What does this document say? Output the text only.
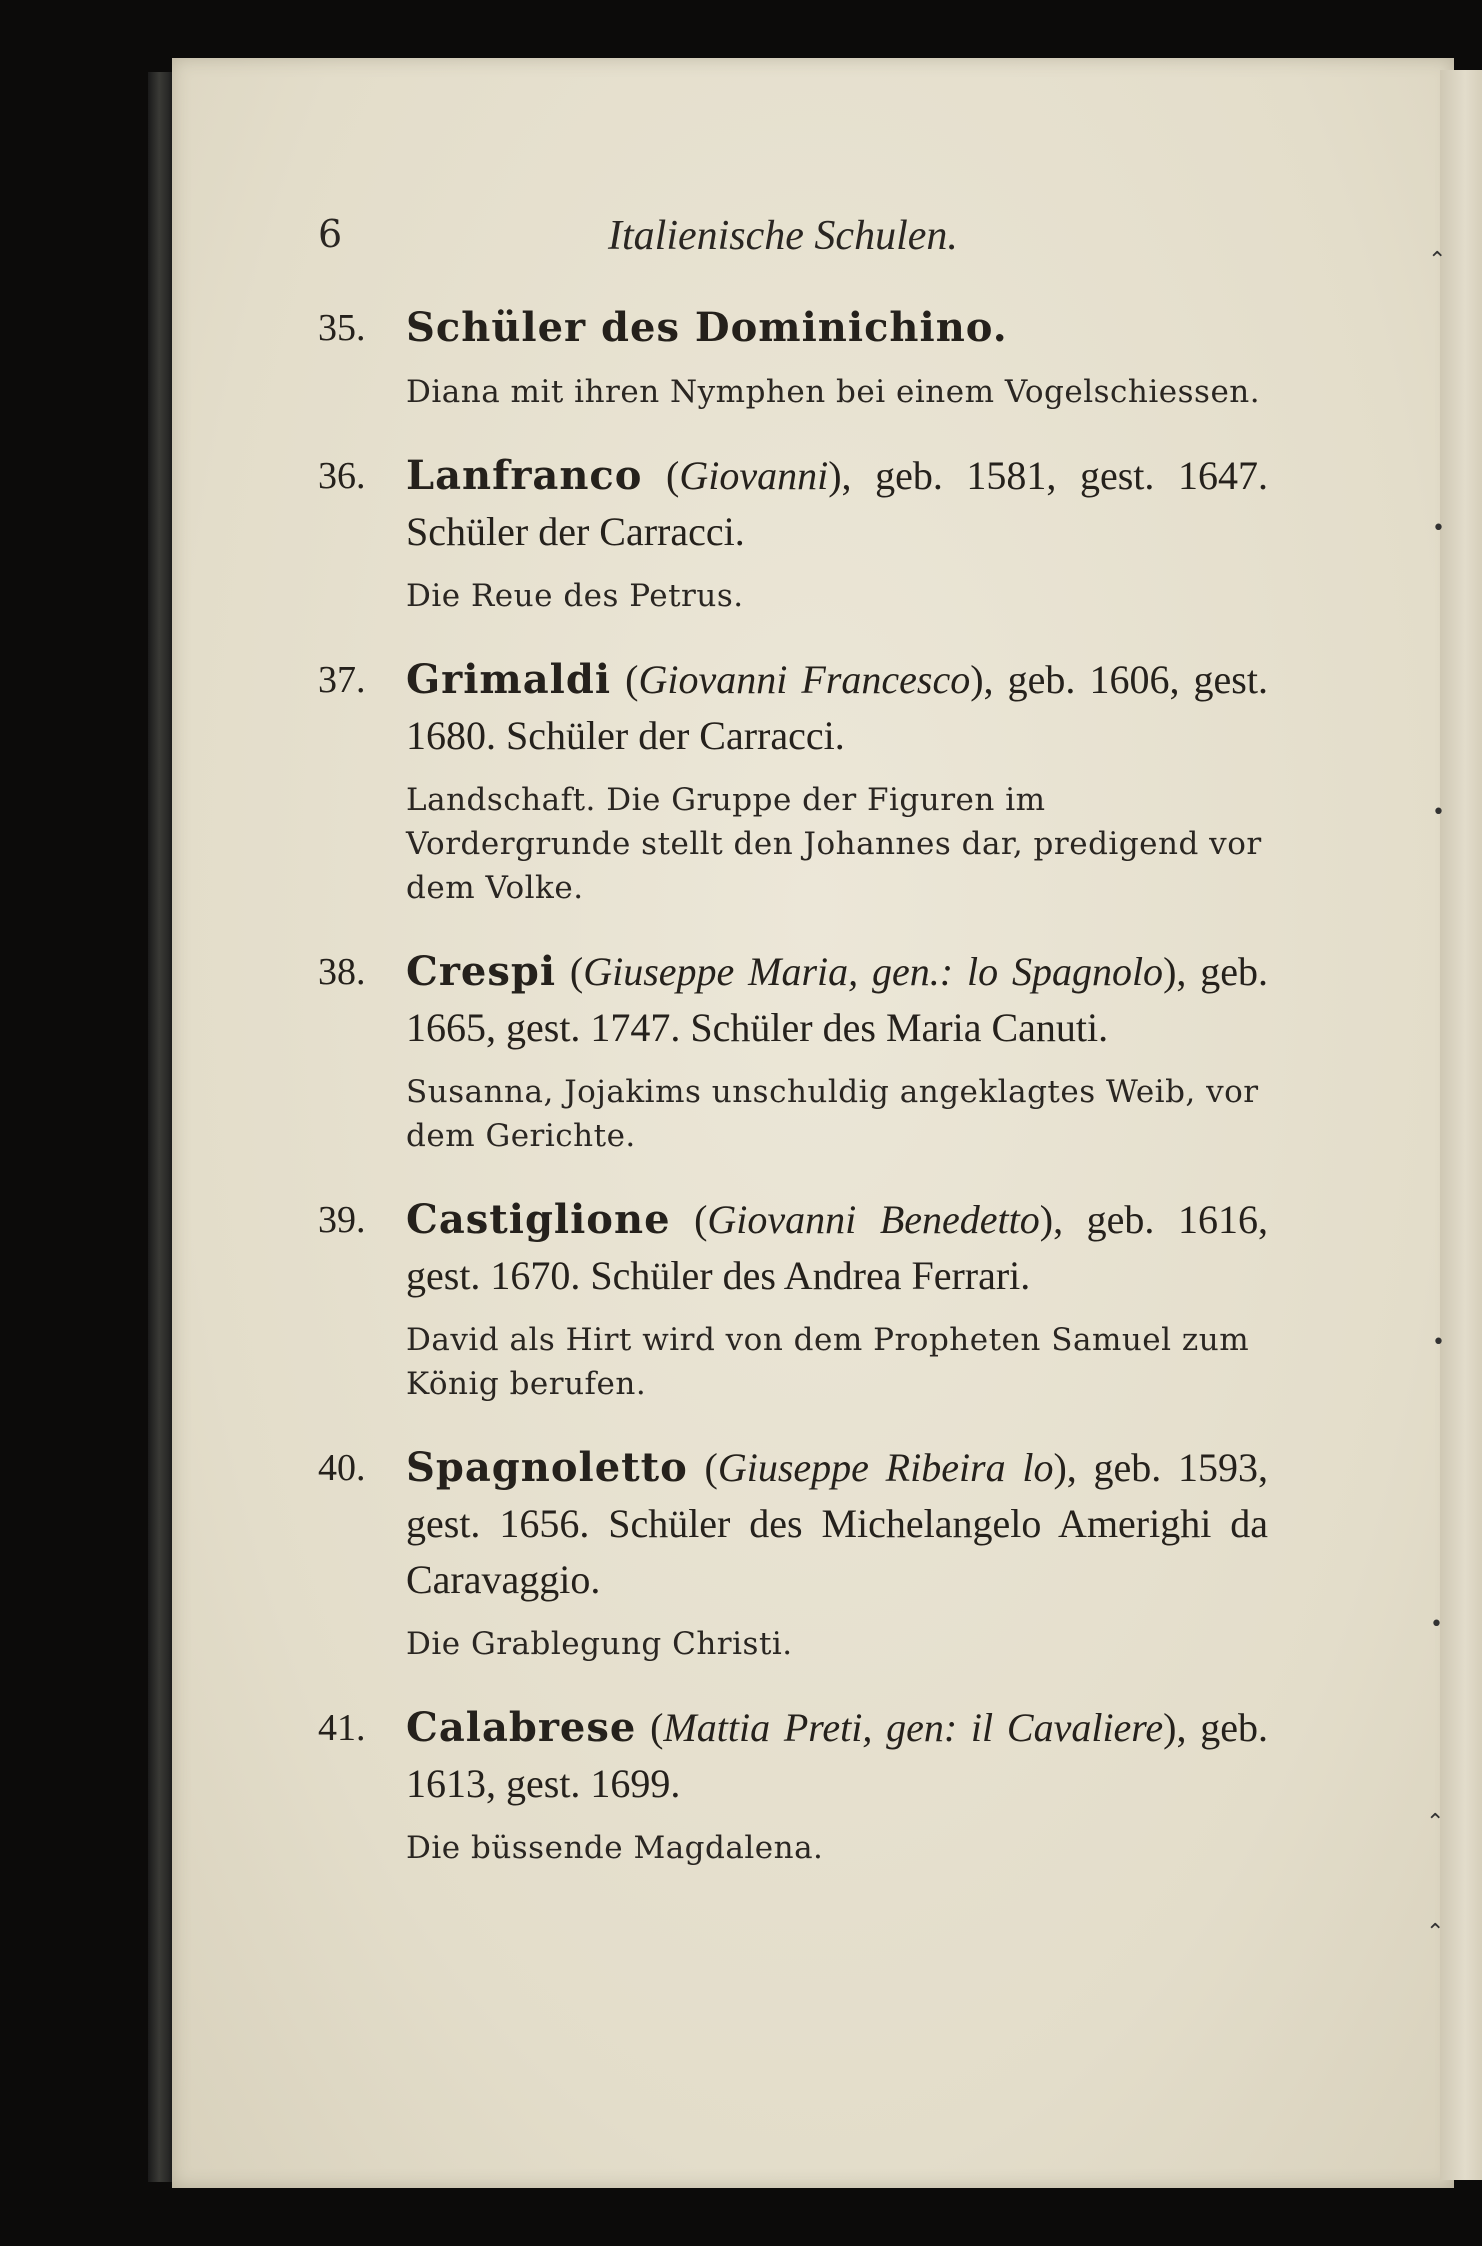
⌃
•
•
•
•
⌃
⌃
6	Italienische Schulen.
35. Schüler des Dominichino.
Diana mit ihren Nymphen bei einem Vogelschiessen.
36. Lanfranco (Giovanni), geb. 1581, gest. 1647. Schüler der Carracci.
Die Reue des Petrus.
37. Grimaldi (Giovanni Francesco), geb. 1606, gest. 1680. Schüler der Carracci.
Landschaft. Die Gruppe der Figuren im Vordergrunde stellt den Johannes dar, predigend vor dem Volke.
38. Crespi (Giuseppe Maria, gen.: lo Spagnolo), geb. 1665, gest. 1747. Schüler des Maria Canuti.
Susanna, Jojakims unschuldig angeklagtes Weib, vor dem Gerichte.
39. Castiglione (Giovanni Benedetto), geb. 1616, gest. 1670. Schüler des Andrea Ferrari.
David als Hirt wird von dem Propheten Samuel zum König berufen.
40. Spagnoletto (Giuseppe Ribeira lo), geb. 1593, gest. 1656. Schüler des Michelangelo Amerighi da Caravaggio.
Die Grablegung Christi.
41. Calabrese (Mattia Preti, gen: il Cavaliere), geb. 1613, gest. 1699.
Die büssende Magdalena.
